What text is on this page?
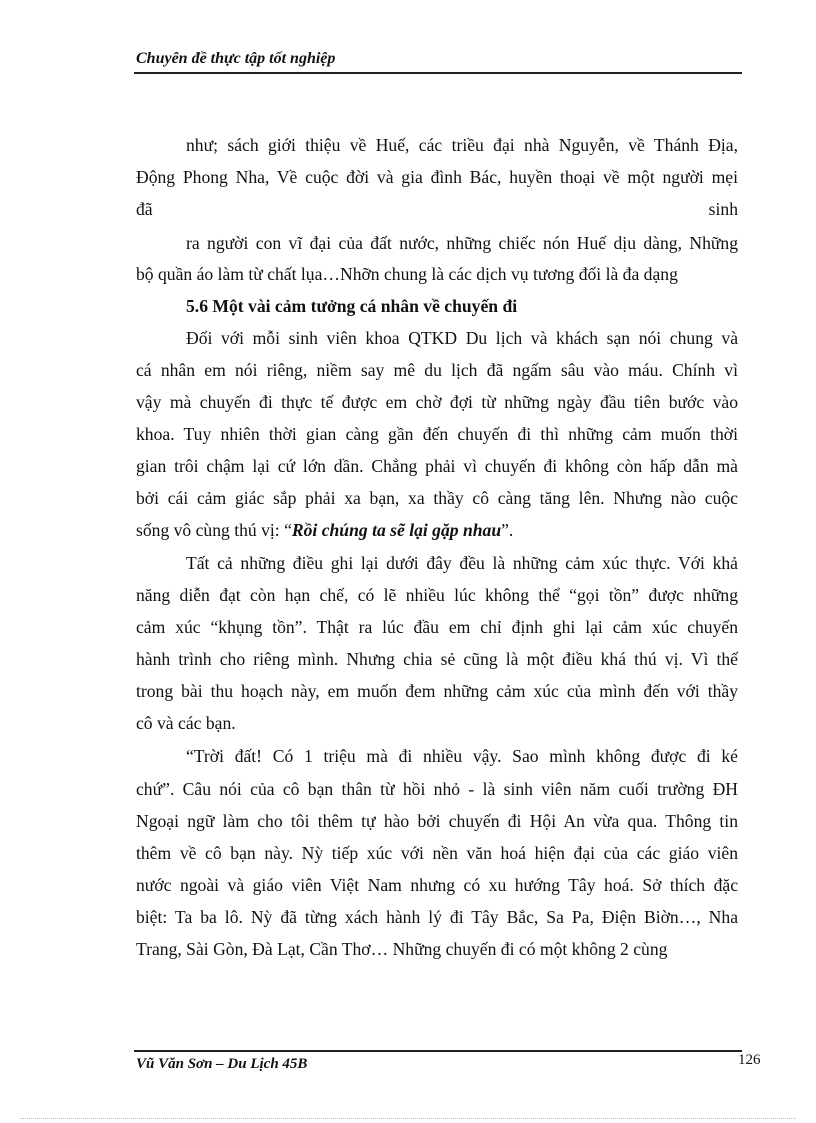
Chuyên đề thực tập tốt nghiệp
như; sách giới thiệu về Huế, các triều đại nhà Nguyễn, về Thánh Địa,
Động Phong Nha, Về cuộc đời và gia đình Bác, huyền thoại về một người mẹi
đã	sinh
ra người con vĩ đại của đất nước, những chiếc nón Huế dịu dàng, Những
bộ quần áo làm từ chất lụa…Nhỡn chung là các dịch vụ tương đối là đa dạng
5.6 Một vài cảm tưởng cá nhân về chuyến đi
Đối với mỗi sinh viên khoa QTKD Du lịch và khách sạn nói chung và
cá nhân em nói riêng, niềm say mê du lịch đã ngấm sâu vào máu. Chính vì
vậy mà chuyến đi thực tế được em chờ đợi từ những ngày đầu tiên bước vào
khoa. Tuy nhiên thời gian càng gần đến chuyến đi thì những cảm muốn thời
gian trôi chậm lại cứ lớn dần. Chẳng phải vì chuyến đi không còn hấp dẫn mà
bởi cái cảm giác sắp phải xa bạn, xa thầy cô càng tăng lên. Nhưng nào cuộc
sống vô cùng thú vị: “Rồi chúng ta sẽ lại gặp nhau”.
Tất cả những điều ghi lại dưới đây đều là những cảm xúc thực. Với khả
năng diễn đạt còn hạn chế, có lẽ nhiều lúc không thể “gọi tồn” được những
cảm xúc “khụng tồn”. Thật ra lúc đầu em chỉ định ghi lại cảm xúc chuyến
hành trình cho riêng mình. Nhưng chia sẻ cũng là một điều khá thú vị. Vì thế
trong bài thu hoạch này, em muốn đem những cảm xúc của mình đến với thầy
cô và các bạn.
“Trời đất! Có 1 triệu mà đi nhiều vậy. Sao mình không được đi ké
chứ”. Câu nói của cô bạn thân từ hồi nhỏ - là sinh viên năm cuối trường ĐH
Ngoại ngữ làm cho tôi thêm tự hào bởi chuyến đi Hội An vừa qua. Thông tin
thêm về cô bạn này. Nỳ tiếp xúc với nền văn hoá hiện đại của các giáo viên
nước ngoài và giáo viên Việt Nam nhưng có xu hướng Tây hoá. Sở thích đặc
biệt: Ta ba lô. Nỳ đã từng xách hành lý đi Tây Bắc, Sa Pa, Điện Biờn…, Nha
Trang, Sài Gòn, Đà Lạt, Cần Thơ… Những chuyến đi có một không 2 cùng
Vũ Văn Sơn – Du Lịch 45B	126
